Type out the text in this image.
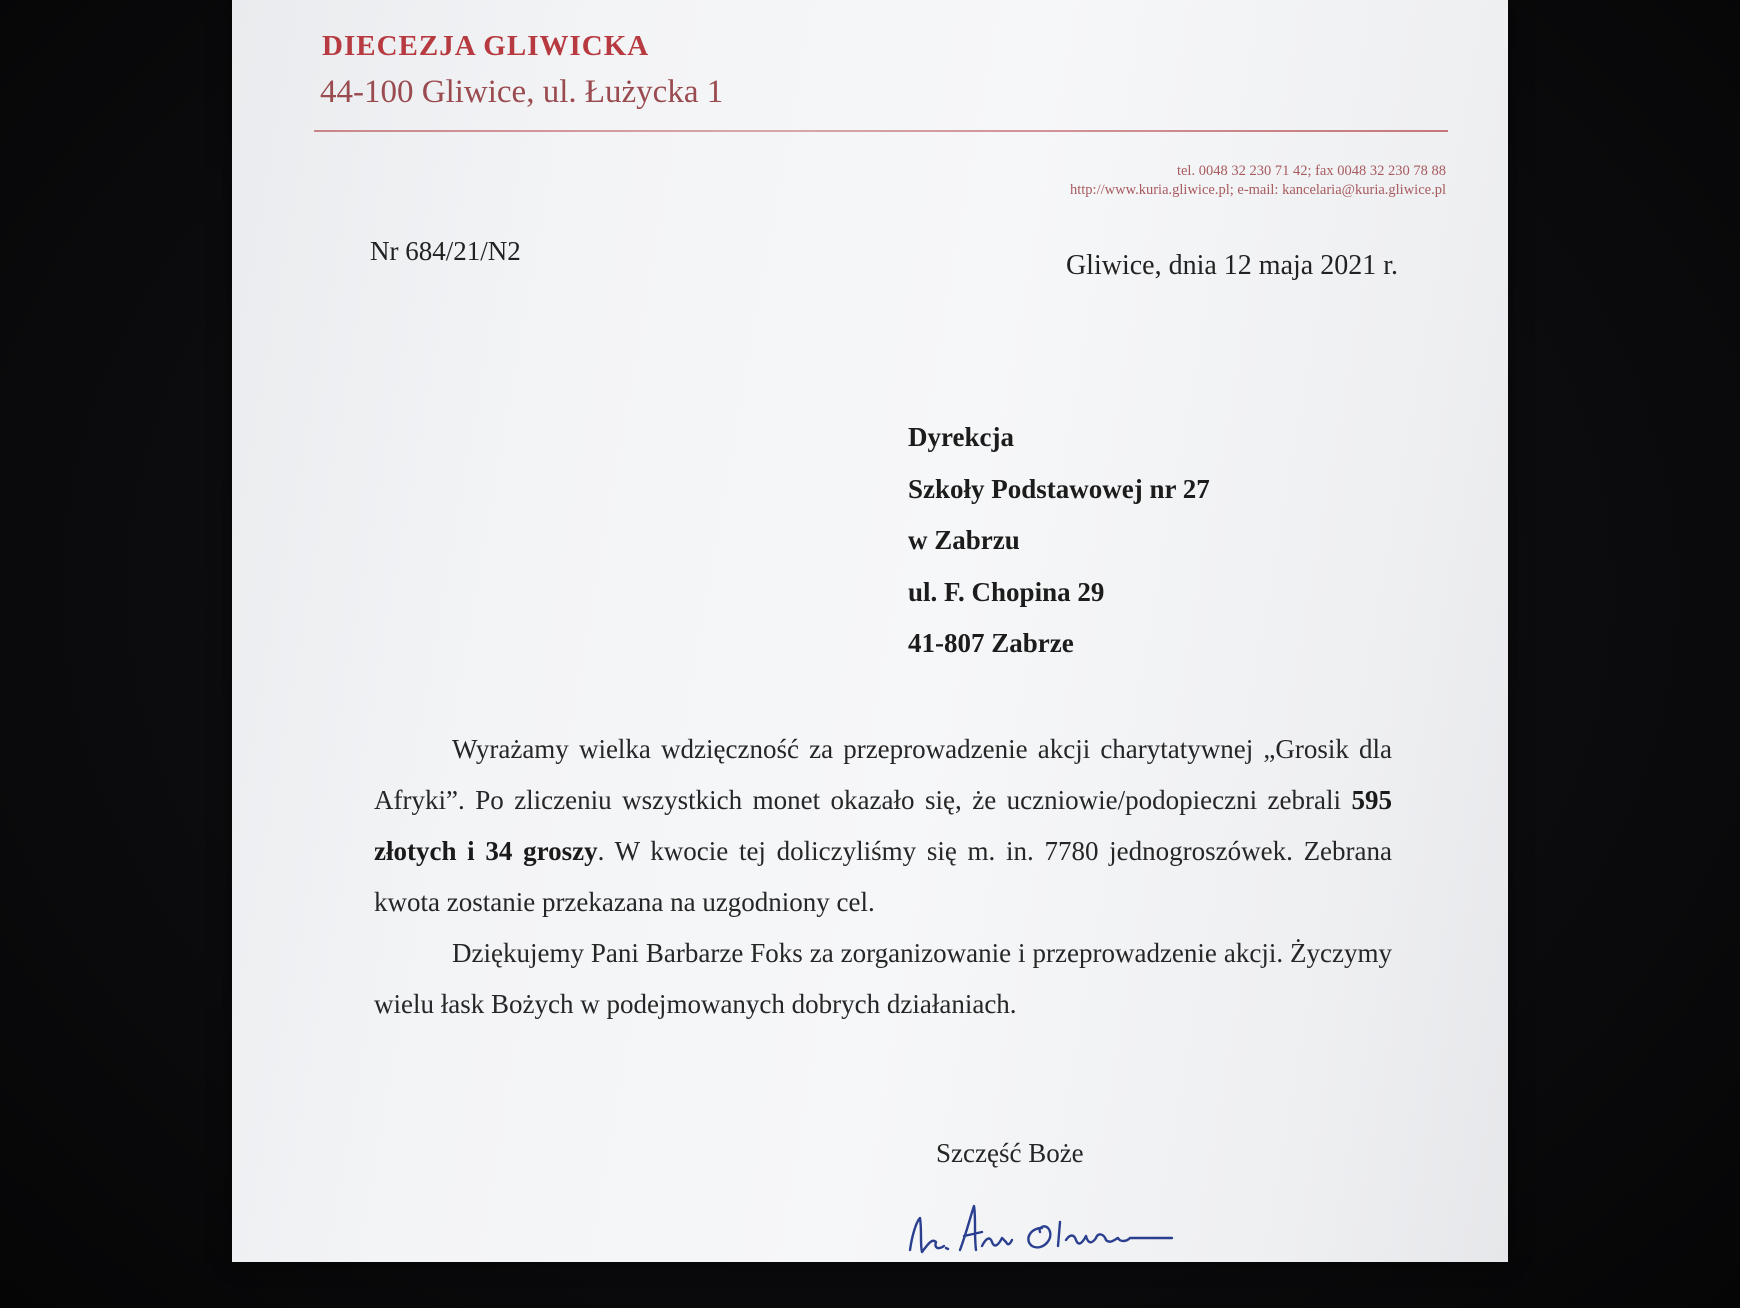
DIECEZJA GLIWICKA
44-100 Gliwice, ul. Łużycka 1
tel. 0048 32 230 71 42; fax 0048 32 230 78 88
http://www.kuria.gliwice.pl; e-mail: kancelaria@kuria.gliwice.pl
Nr 684/21/N2	Gliwice, dnia 12 maja 2021 r.
Dyrekcja
Szkoły Podstawowej nr 27
w Zabrzu
ul. F. Chopina 29
41-807 Zabrze

Wyrażamy wielka wdzięczność za przeprowadzenie akcji charytatywnej „Grosik dla Afryki”. Po zliczeniu wszystkich monet okazało się, że uczniowie/podopieczni zebrali 595 złotych i 34 groszy. W kwocie tej doliczyliśmy się m. in. 7780 jednogroszówek. Zebrana kwota zostanie przekazana na uzgodniony cel.

Dziękujemy Pani Barbarze Foks za zorganizowanie i przeprowadzenie akcji. Życzymy wielu łask Bożych w podejmowanych dobrych działaniach.

Szczęść Boże
